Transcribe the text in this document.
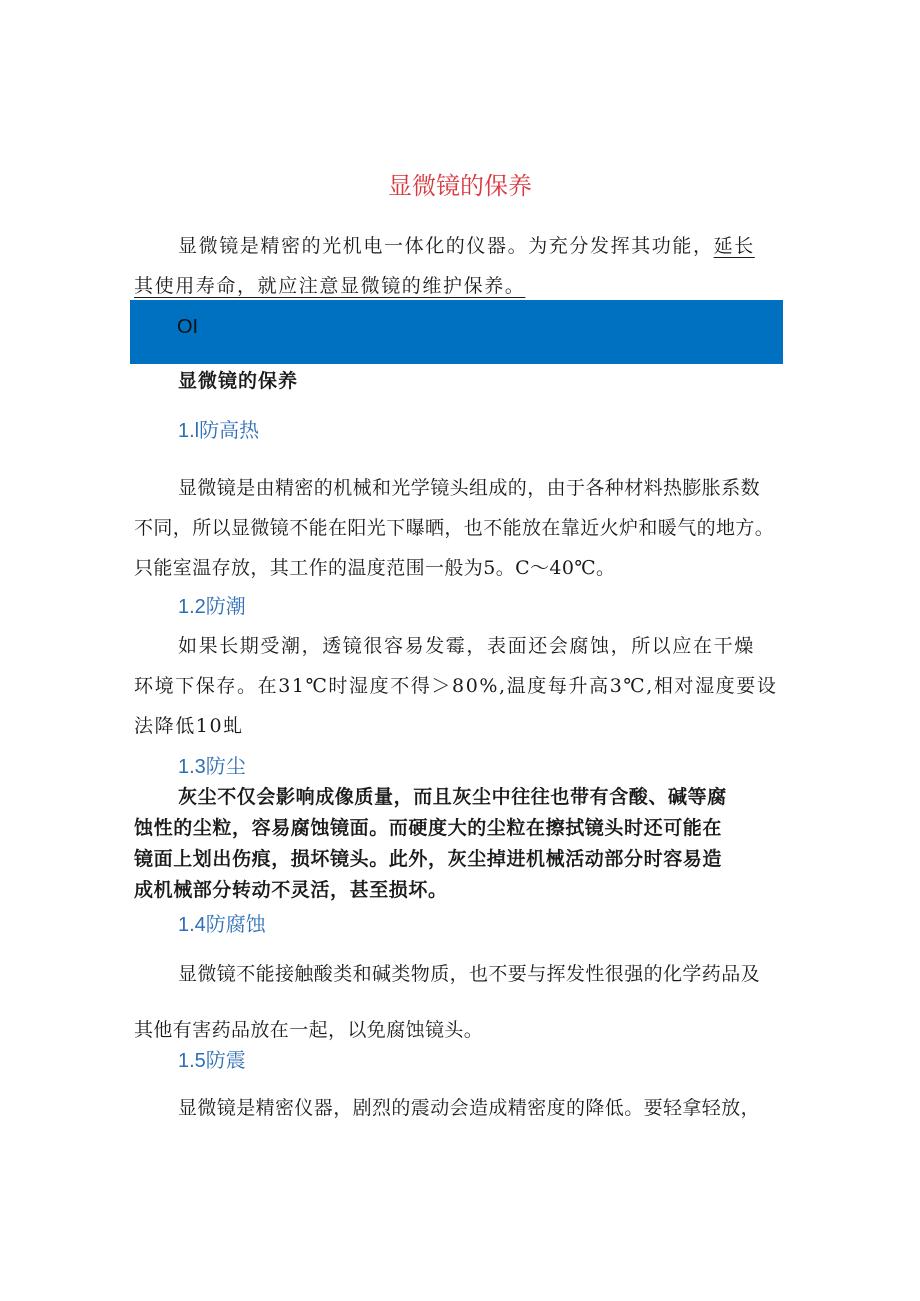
显微镜的保养
显微镜是精密的光机电一体化的仪器。为充分发挥其功能，延长
其使用寿命，就应注意显微镜的维护保养。
OI
显微镜的保养
1.l防高热
显微镜是由精密的机械和光学镜头组成的，由于各种材料热膨胀系数
不同，所以显微镜不能在阳光下曝晒，也不能放在靠近火炉和暖气的地方。
只能室温存放，其工作的温度范围一般为5。C～40℃。
1.2防潮
如果长期受潮，透镜很容易发霉，表面还会腐蚀，所以应在干燥
环境下保存。在31℃时湿度不得＞80%,温度每升高3℃,相对湿度要设
法降低10虬
1.3防尘
灰尘不仅会影响成像质量，而且灰尘中往往也带有含酸、碱等腐
蚀性的尘粒，容易腐蚀镜面。而硬度大的尘粒在擦拭镜头时还可能在
镜面上划出伤痕，损坏镜头。此外，灰尘掉进机械活动部分时容易造
成机械部分转动不灵活，甚至损坏。
1.4防腐蚀
显微镜不能接触酸类和碱类物质，也不要与挥发性很强的化学药品及
其他有害药品放在一起，以免腐蚀镜头。
1.5防震
显微镜是精密仪器，剧烈的震动会造成精密度的降低。要轻拿轻放，
